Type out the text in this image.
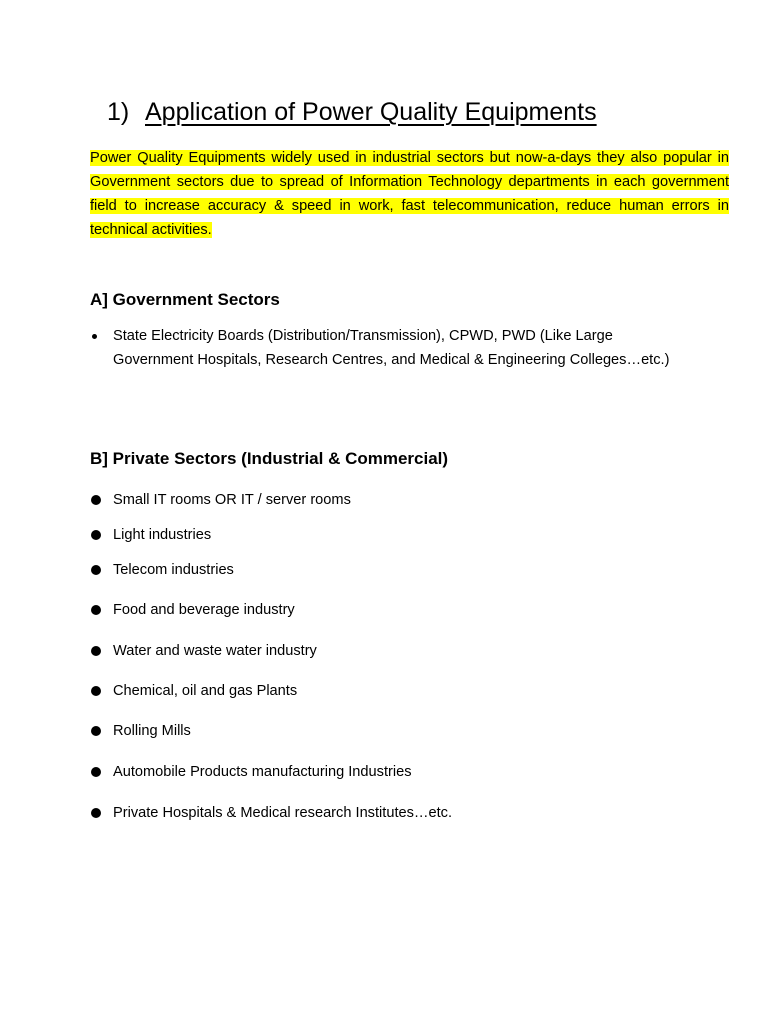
1) Application of Power Quality Equipments

Power Quality Equipments widely used in industrial sectors but now-a-days they also popular in Government sectors due to spread of Information Technology departments in each government field to increase accuracy & speed in work, fast telecommunication, reduce human errors in technical activities.

A] Government Sectors
State Electricity Boards (Distribution/Transmission), CPWD, PWD (Like Large Government Hospitals, Research Centres, and Medical & Engineering Colleges…etc.)
B] Private Sectors (Industrial & Commercial)
Small IT rooms OR IT / server rooms
Light industries
Telecom industries
Food and beverage industry
Water and waste water industry
Chemical, oil and gas Plants
Rolling Mills
Automobile Products manufacturing Industries
Private Hospitals & Medical research Institutes…etc.
